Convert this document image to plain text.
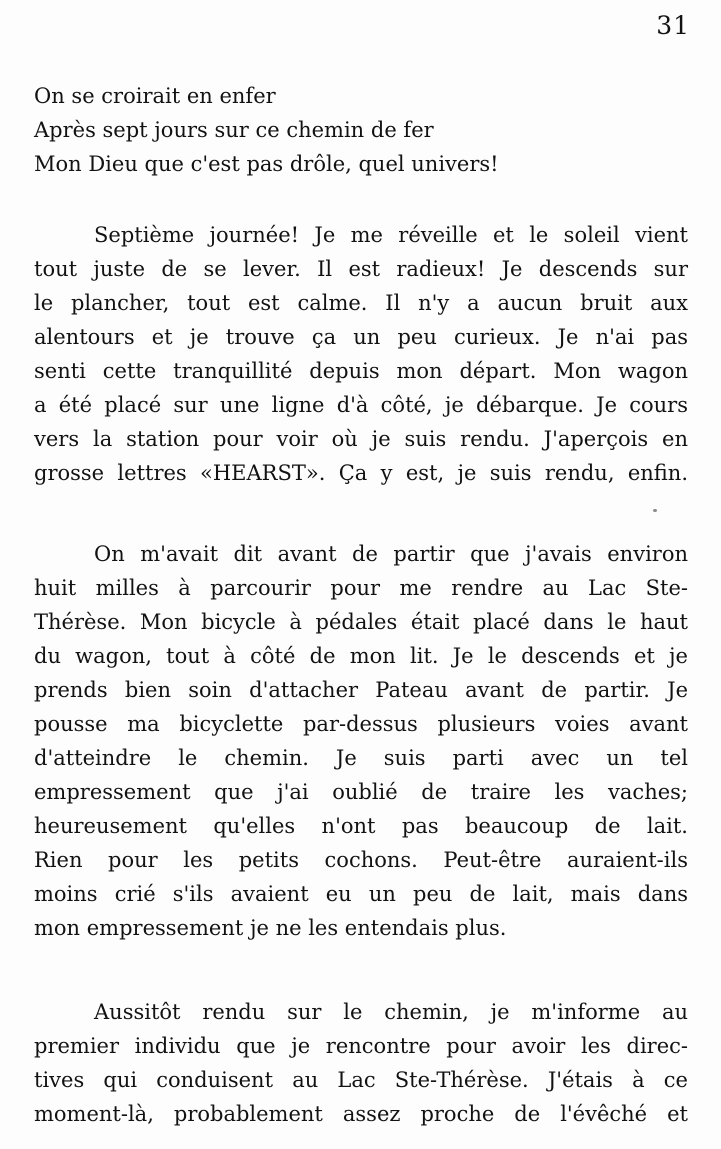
31
On se croirait en enfer
Après sept jours sur ce chemin de fer
Mon Dieu que c'est pas drôle, quel univers!
Septième journée! Je me réveille et le soleil vient
tout juste de se lever. Il est radieux! Je descends sur
le plancher, tout est calme. Il n'y a aucun bruit aux
alentours et je trouve ça un peu curieux. Je n'ai pas
senti cette tranquillité depuis mon départ. Mon wagon
a été placé sur une ligne d'à côté, je débarque. Je cours
vers la station pour voir où je suis rendu. J'aperçois en
grosse lettres «HEARST». Ça y est, je suis rendu, enfin.
On m'avait dit avant de partir que j'avais environ
huit milles à parcourir pour me rendre au Lac Ste-
Thérèse. Mon bicycle à pédales était placé dans le haut
du wagon, tout à côté de mon lit. Je le descends et je
prends bien soin d'attacher Pateau avant de partir. Je
pousse ma bicyclette par-dessus plusieurs voies avant
d'atteindre le chemin. Je suis parti avec un tel
empressement que j'ai oublié de traire les vaches;
heureusement qu'elles n'ont pas beaucoup de lait.
Rien pour les petits cochons. Peut-être auraient-ils
moins crié s'ils avaient eu un peu de lait, mais dans
mon empressement je ne les entendais plus.
Aussitôt rendu sur le chemin, je m'informe au
premier individu que je rencontre pour avoir les direc-
tives qui conduisent au Lac Ste-Thérèse. J'étais à ce
moment-là, probablement assez proche de l'évêché et
